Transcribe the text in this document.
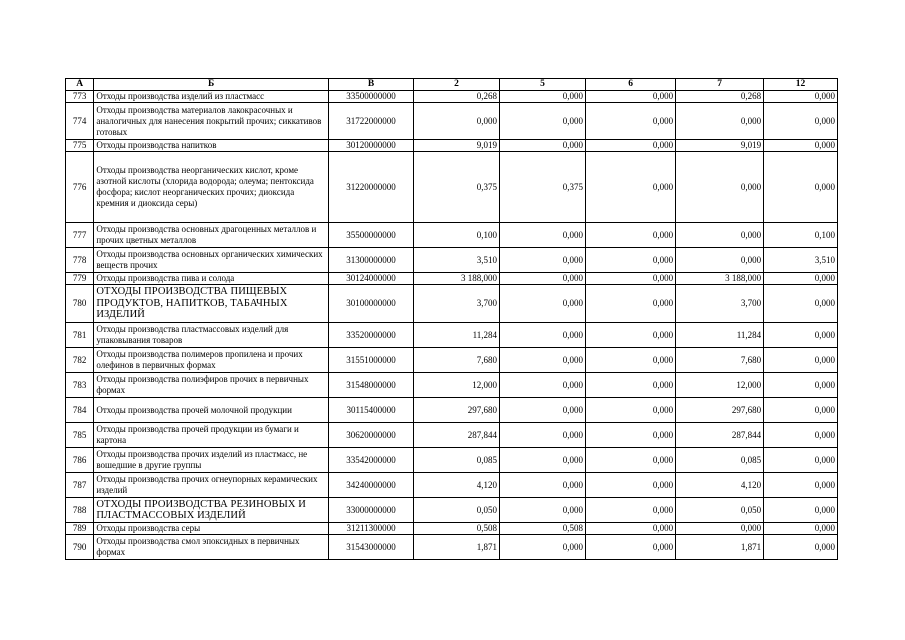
А	Б	В	2	5	6	7	12
773	Отходы производства изделий из пластмасс	33500000000	0,268	0,000	0,000	0,268	0,000
774	Отходы производства материалов лакокрасочных и аналогичных для нанесения покрытий прочих; сиккативов готовых	31722000000	0,000	0,000	0,000	0,000	0,000
775	Отходы производства напитков	30120000000	9,019	0,000	0,000	9,019	0,000
776	Отходы производства неорганических кислот, кроме азотной кислоты (хлорида водорода; олеума; пентоксида фосфора; кислот неорганических прочих; диоксида кремния и диоксида серы)	31220000000	0,375	0,375	0,000	0,000	0,000
777	Отходы производства основных драгоценных металлов и прочих цветных металлов	35500000000	0,100	0,000	0,000	0,000	0,100
778	Отходы производства основных органических химических веществ прочих	31300000000	3,510	0,000	0,000	0,000	3,510
779	Отходы производства пива и солода	30124000000	3 188,000	0,000	0,000	3 188,000	0,000
780	ОТХОДЫ ПРОИЗВОДСТВА ПИЩЕВЫХ ПРОДУКТОВ, НАПИТКОВ, ТАБАЧНЫХ ИЗДЕЛИЙ	30100000000	3,700	0,000	0,000	3,700	0,000
781	Отходы производства пластмассовых изделий для упаковывания товаров	33520000000	11,284	0,000	0,000	11,284	0,000
782	Отходы производства полимеров пропилена и прочих олефинов в первичных формах	31551000000	7,680	0,000	0,000	7,680	0,000
783	Отходы производства полиэфиров прочих в первичных формах	31548000000	12,000	0,000	0,000	12,000	0,000
784	Отходы производства прочей молочной продукции	30115400000	297,680	0,000	0,000	297,680	0,000
785	Отходы производства прочей продукции из бумаги и картона	30620000000	287,844	0,000	0,000	287,844	0,000
786	Отходы производства прочих изделий из пластмасс, не вошедшие в другие группы	33542000000	0,085	0,000	0,000	0,085	0,000
787	Отходы производства прочих огнеупорных керамических изделий	34240000000	4,120	0,000	0,000	4,120	0,000
788	ОТХОДЫ ПРОИЗВОДСТВА РЕЗИНОВЫХ И ПЛАСТМАССОВЫХ ИЗДЕЛИЙ	33000000000	0,050	0,000	0,000	0,050	0,000
789	Отходы производства серы	31211300000	0,508	0,508	0,000	0,000	0,000
790	Отходы производства смол эпоксидных в первичных формах	31543000000	1,871	0,000	0,000	1,871	0,000
